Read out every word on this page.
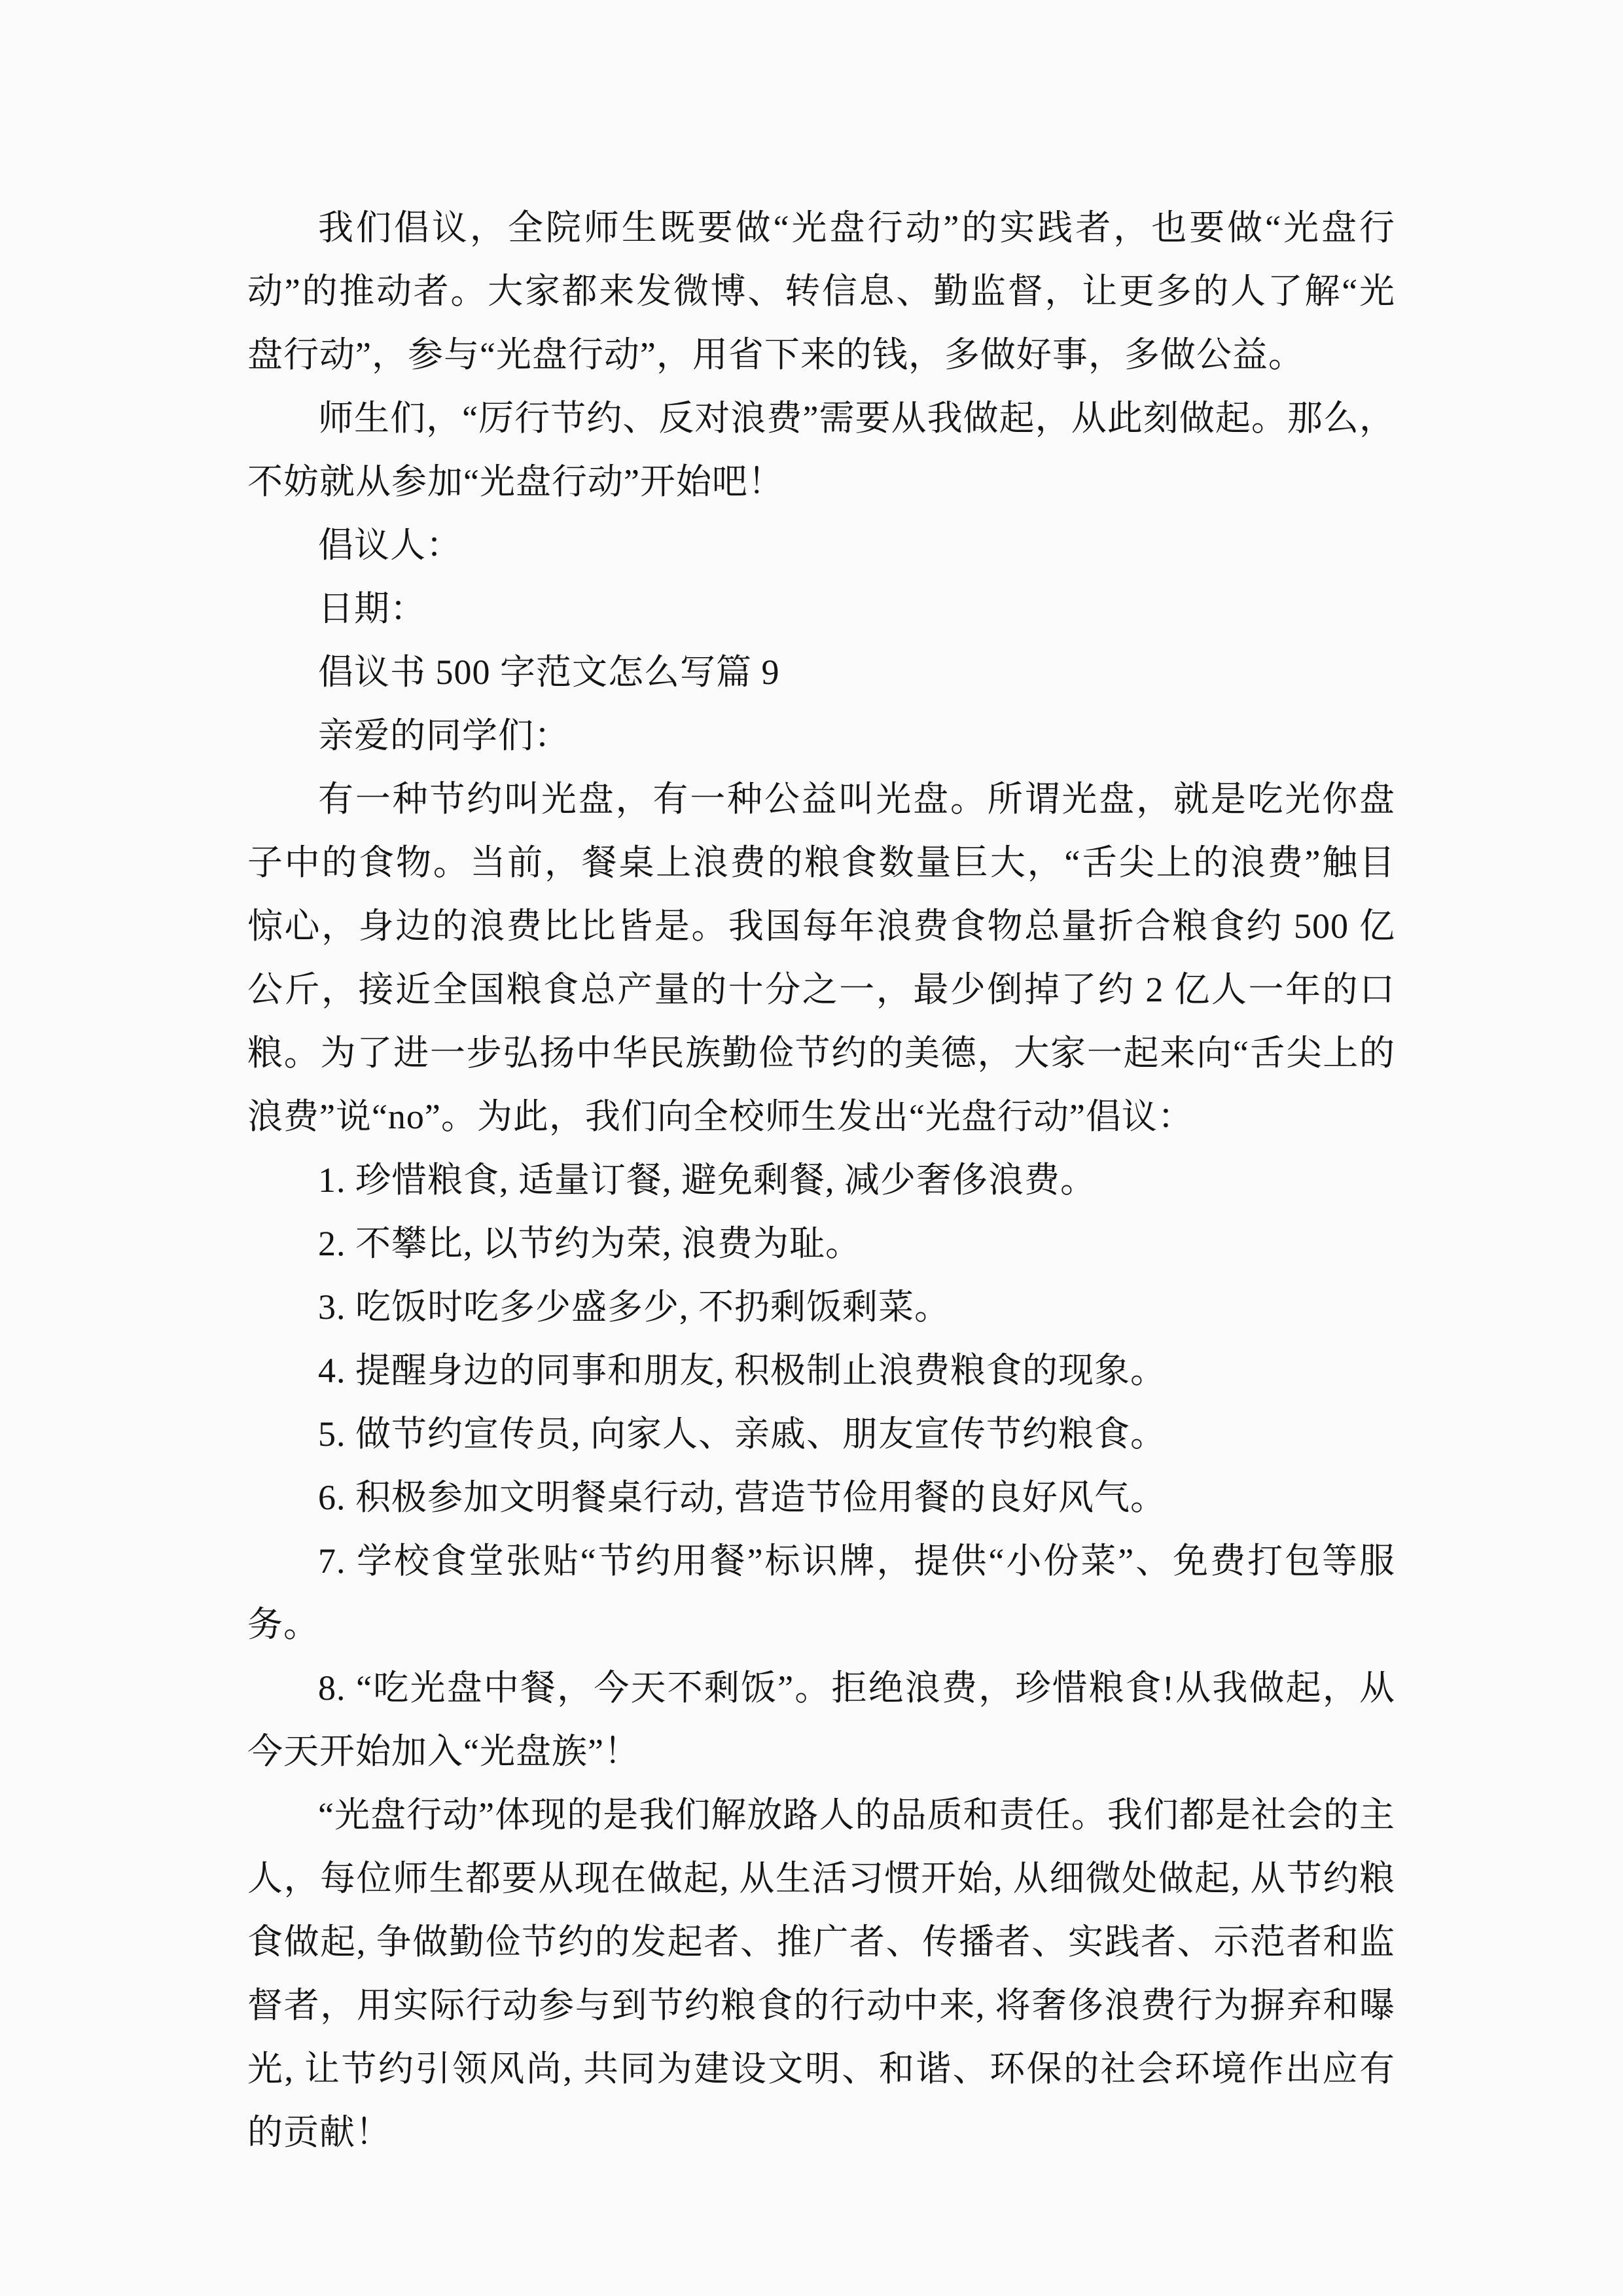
我们倡议，全院师生既要做“光盘行动”的实践者，也要做“光盘行动”的推动者。大家都来发微博、转信息、勤监督，让更多的人了解“光盘行动”，参与“光盘行动”，用省下来的钱，多做好事，多做公益。

师生们，“厉行节约、反对浪费”需要从我做起，从此刻做起。那么，不妨就从参加“光盘行动”开始吧！

倡议人：

日期：

倡议书 500 字范文怎么写篇 9

亲爱的同学们：

有一种节约叫光盘，有一种公益叫光盘。所谓光盘，就是吃光你盘子中的食物。当前，餐桌上浪费的粮食数量巨大，“舌尖上的浪费”触目惊心，身边的浪费比比皆是。我国每年浪费食物总量折合粮食约 500 亿公斤，接近全国粮食总产量的十分之一，最少倒掉了约 2 亿人一年的口粮。为了进一步弘扬中华民族勤俭节约的美德，大家一起来向“舌尖上的浪费”说“no”。为此，我们向全校师生发出“光盘行动”倡议：

1. 珍惜粮食, 适量订餐, 避免剩餐, 减少奢侈浪费。

2. 不攀比, 以节约为荣, 浪费为耻。

3. 吃饭时吃多少盛多少, 不扔剩饭剩菜。

4. 提醒身边的同事和朋友, 积极制止浪费粮食的现象。

5. 做节约宣传员, 向家人、亲戚、朋友宣传节约粮食。

6. 积极参加文明餐桌行动, 营造节俭用餐的良好风气。

7. 学校食堂张贴“节约用餐”标识牌，提供“小份菜”、免费打包等服务。

8. “吃光盘中餐，今天不剩饭”。拒绝浪费，珍惜粮食!从我做起，从今天开始加入“光盘族”！

“光盘行动”体现的是我们解放路人的品质和责任。我们都是社会的主人，每位师生都要从现在做起, 从生活习惯开始, 从细微处做起, 从节约粮食做起, 争做勤俭节约的发起者、推广者、传播者、实践者、示范者和监督者，用实际行动参与到节约粮食的行动中来, 将奢侈浪费行为摒弃和曝光, 让节约引领风尚, 共同为建设文明、和谐、环保的社会环境作出应有的贡献！
